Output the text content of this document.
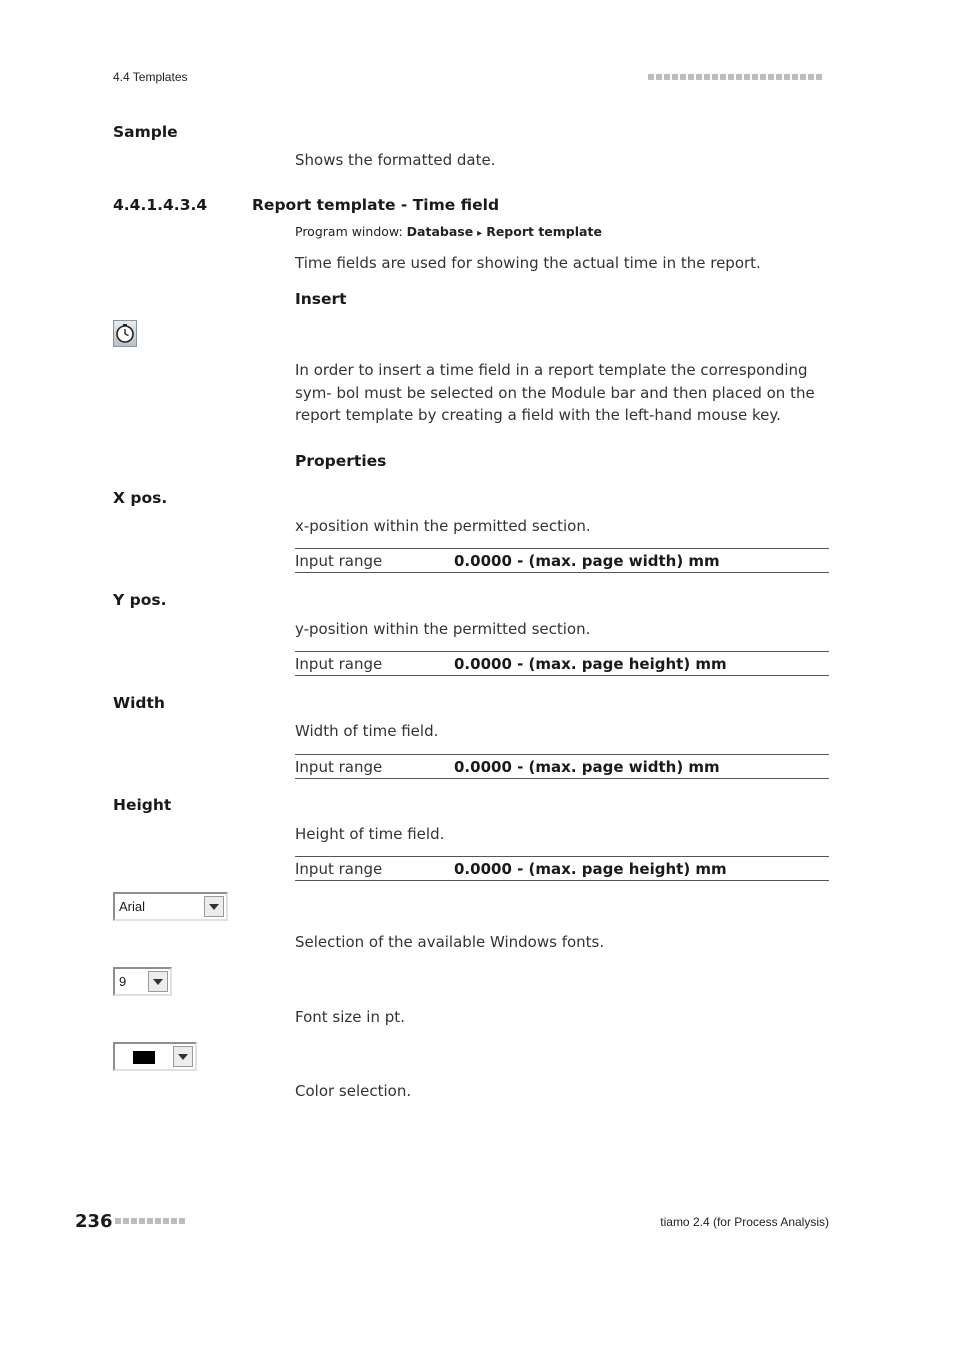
4.4 Templates
Sample
Shows the formatted date.
4.4.1.4.3.4	Report template - Time field
Program window: Database ▸ Report template
Time fields are used for showing the actual time in the report.
Insert
In order to insert a time field in a report template the corresponding sym- bol must be selected on the Module bar and then placed on the report template by creating a field with the left-hand mouse key.
Properties
X pos.
x-position within the permitted section.
Input range	0.0000 - (max. page width) mm
Y pos.
y-position within the permitted section.
Input range	0.0000 - (max. page height) mm
Width
Width of time field.
Input range	0.0000 - (max. page width) mm
Height
Height of time field.
Input range	0.0000 - (max. page height) mm
Arial
Selection of the available Windows fonts.
9
Font size in pt.
Color selection.
236	tiamo 2.4 (for Process Analysis)
